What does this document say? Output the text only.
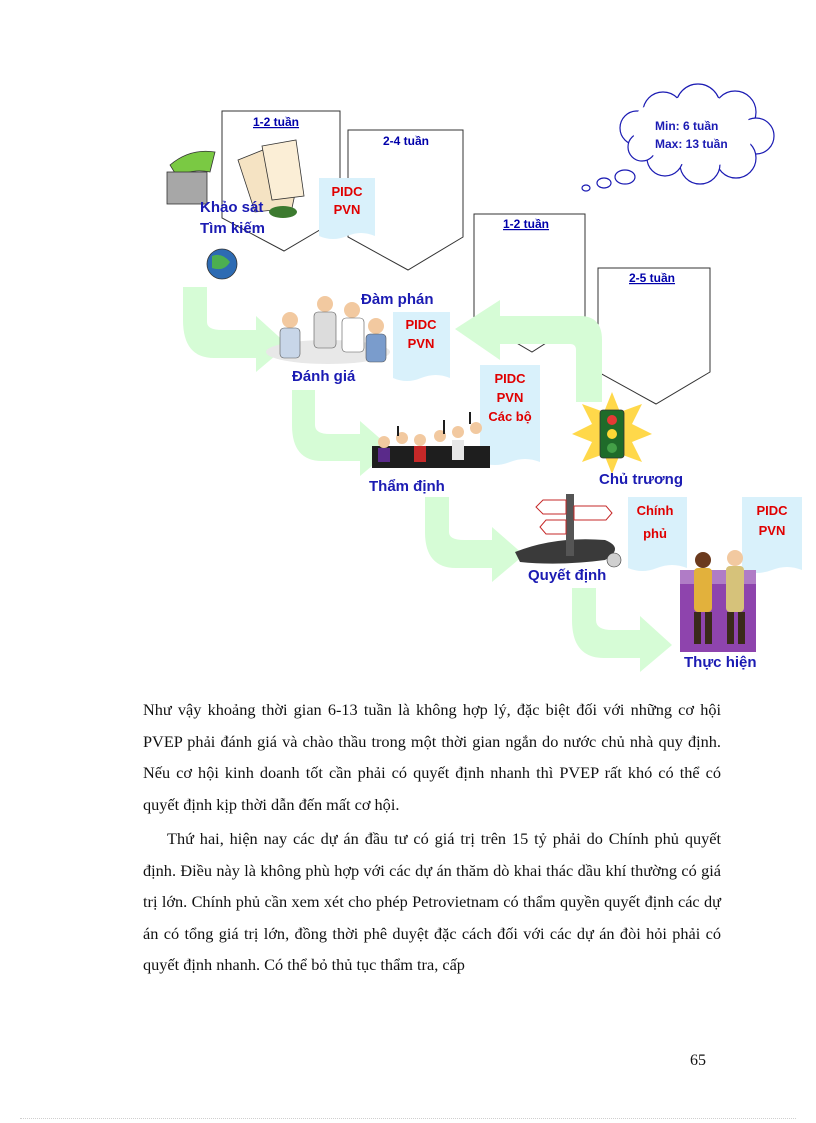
1-2 tuần
2-4 tuần
1-2 tuần
2-5 tuần
Min: 6 tuần
Max: 13 tuần
PIDC
PVN
PIDC
PVN
PIDC
PVN
Các bộ
Chính
phủ
PIDC
PVN
Khảo sát
Tìm kiếm
Đàm phán
Đánh giá
Thẩm định	Chủ trương
Quyết định
Thực hiện

Như vậy khoảng thời gian 6-13 tuần là không hợp lý, đặc biệt đối với những cơ hội PVEP phải đánh giá và chào thầu trong một thời gian ngắn do nước chủ nhà quy định. Nếu cơ hội kinh doanh tốt cần phải có quyết định nhanh thì PVEP rất khó có thể có quyết định kịp thời dẫn đến mất cơ hội.

Thứ hai, hiện nay các dự án đầu tư có giá trị trên 15 tỷ phải do Chính phủ quyết định. Điều này là không phù hợp với các dự án thăm dò khai thác dầu khí thường có giá trị lớn. Chính phủ cần xem xét cho phép Petrovietnam có thẩm quyền quyết định các dự án có tổng giá trị lớn, đồng thời phê duyệt đặc cách đối với các dự án đòi hỏi phải có quyết định nhanh. Có thể bỏ thủ tục thẩm tra, cấp

65
